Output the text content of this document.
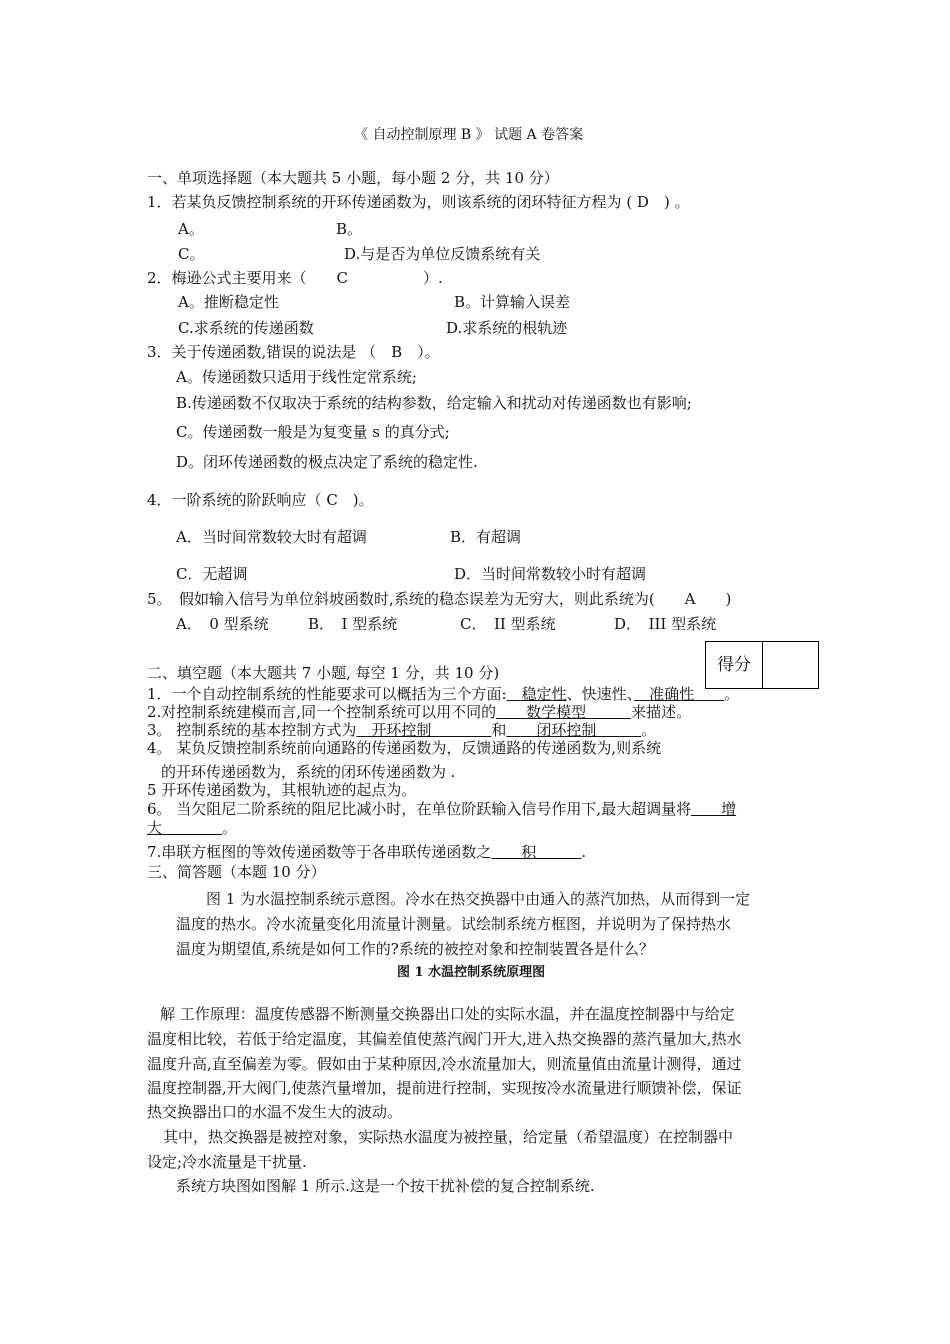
《 自动控制原理 B 》 试题 A 卷答案
一、单项选择题（本大题共 5 小题，每小题 2 分，共 10 分）
1．若某负反馈控制系统的开环传递函数为，则该系统的闭环特征方程为 ( D　) 。
A。	B。
C。	D.与是否为单位反馈系统有关
2．梅逊公式主要用来（　　C　　　　　）.
A。推断稳定性	B。计算输入误差
C.求系统的传递函数	D.求系统的根轨迹
3．关于传递函数,错误的说法是 （　B　）。
A。传递函数只适用于线性定常系统;
B.传递函数不仅取决于系统的结构参数，给定输入和扰动对传递函数也有影响;
C。传递函数一般是为复变量 s 的真分式;
D。闭环传递函数的极点决定了系统的稳定性.
4．一阶系统的阶跃响应（ C　)。
A．当时间常数较大时有超调	B．有超调
C．无超调	D．当时间常数较小时有超调
5。　假如输入信号为单位斜坡函数时,系统的稳态误差为无穷大，则此系统为(　　A　　)
A．　0 型系统	B．　I 型系统	C．　II 型系统	D．　III 型系统
得分
二、填空题（本大题共 7 小题, 每空 1 分，共 10 分)
1．一个自动控制系统的性能要求可以概括为三个方面:　稳定性、快速性、　准确性　　。
2.对控制系统建模而言,同一个控制系统可以用不同的　　数学模型　　　来描述。
3。 控制系统的基本控制方式为　开环控制　　　　和　　闭环控制　　　。
4。 某负反馈控制系统前向通路的传递函数为，反馈通路的传递函数为,则系统
的开环传递函数为，系统的闭环传递函数为 .
5 开环传递函数为，其根轨迹的起点为。
6。 当欠阻尼二阶系统的阻尼比减小时，在单位阶跃输入信号作用下,最大超调量将　　增
大　　　　。
7.串联方框图的等效传递函数等于各串联传递函数之　　积　　　.
三、简答题（本题 10 分）
图 1 为水温控制系统示意图。冷水在热交换器中由通入的蒸汽加热，从而得到一定
温度的热水。冷水流量变化用流量计测量。试绘制系统方框图，并说明为了保持热水
温度为期望值,系统是如何工作的?系统的被控对象和控制装置各是什么？
图 1 水温控制系统原理图
解 工作原理：温度传感器不断测量交换器出口处的实际水温，并在温度控制器中与给定
温度相比较，若低于给定温度，其偏差值使蒸汽阀门开大,进入热交换器的蒸汽量加大,热水
温度升高,直至偏差为零。假如由于某种原因,冷水流量加大，则流量值由流量计测得，通过
温度控制器,开大阀门,使蒸汽量增加，提前进行控制，实现按冷水流量进行顺馈补偿，保证
热交换器出口的水温不发生大的波动。
其中，热交换器是被控对象，实际热水温度为被控量，给定量（希望温度）在控制器中
设定;冷水流量是干扰量.
系统方块图如图解 1 所示.这是一个按干扰补偿的复合控制系统.
